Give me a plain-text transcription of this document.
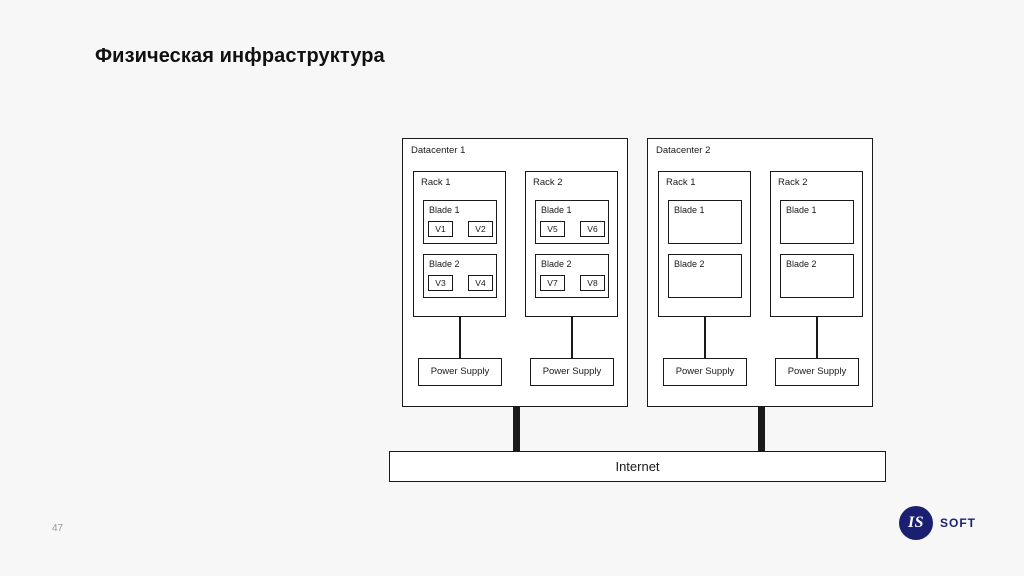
Физическая инфраструктура
Datacenter 1
Rack 1
Blade 1
V1	V2
Blade 2
V3	V4
Rack 2
Blade 1
V5	V6
Blade 2
V7	V8
Power Supply	Power Supply
Datacenter 2
Rack 1
Blade 1
Blade 2
Rack 2
Blade 1
Blade 2
Power Supply	Power Supply
Internet
47	IS	SOFT
